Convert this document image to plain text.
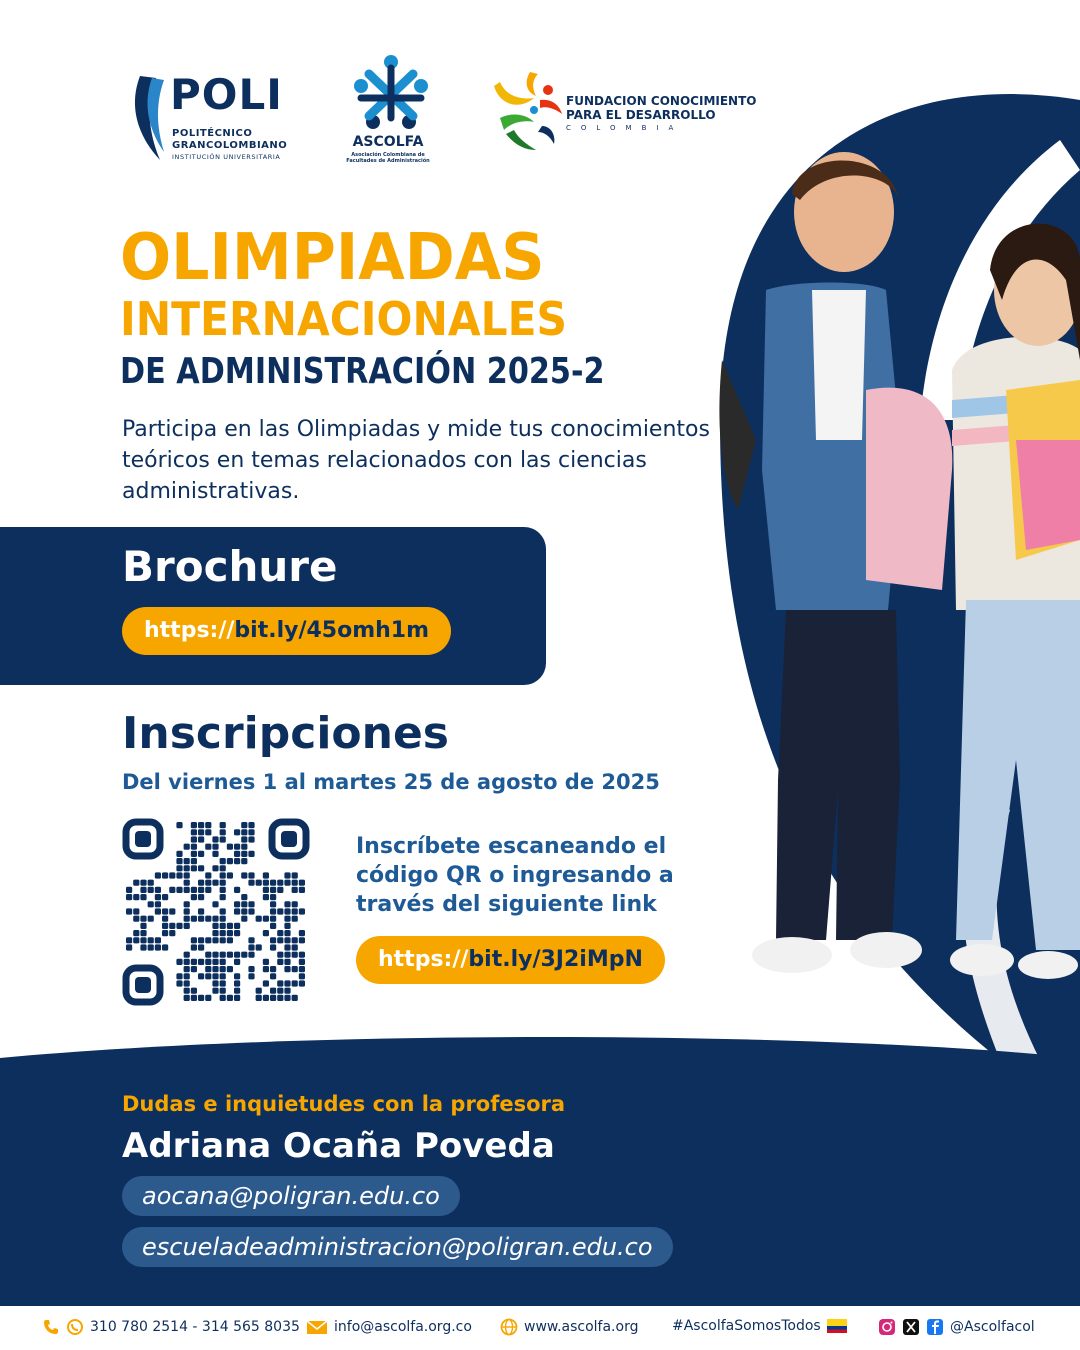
POLI
POLITÉCNICO
GRANCOLOMBIANO
INSTITUCIÓN UNIVERSITARIA
ASCOLFA
Asociación Colombiana de Facultades de Administración
FUNDACION CONOCIMIENTO
PARA EL DESARROLLO
COLOMBIA
OLIMPIADAS
INTERNACIONALES
DE ADMINISTRACIÓN 2025-2
Participa en las Olimpiadas y mide tus conocimientos teóricos en temas relacionados con las ciencias administrativas.
Brochure
https://bit.ly/45omh1m
Inscripciones
Del viernes 1 al martes 25 de agosto de 2025
Inscríbete escaneando el código QR o ingresando a través del siguiente link
https://bit.ly/3J2iMpN
Dudas e inquietudes con la profesora
Adriana Ocaña Poveda
aocana@poligran.edu.co
escueladeadministracion@poligran.edu.co
310 780 2514 - 314 565 8035 info@ascolfa.org.co	www.ascolfa.org #AscolfaSomosTodos	@Ascolfacol
